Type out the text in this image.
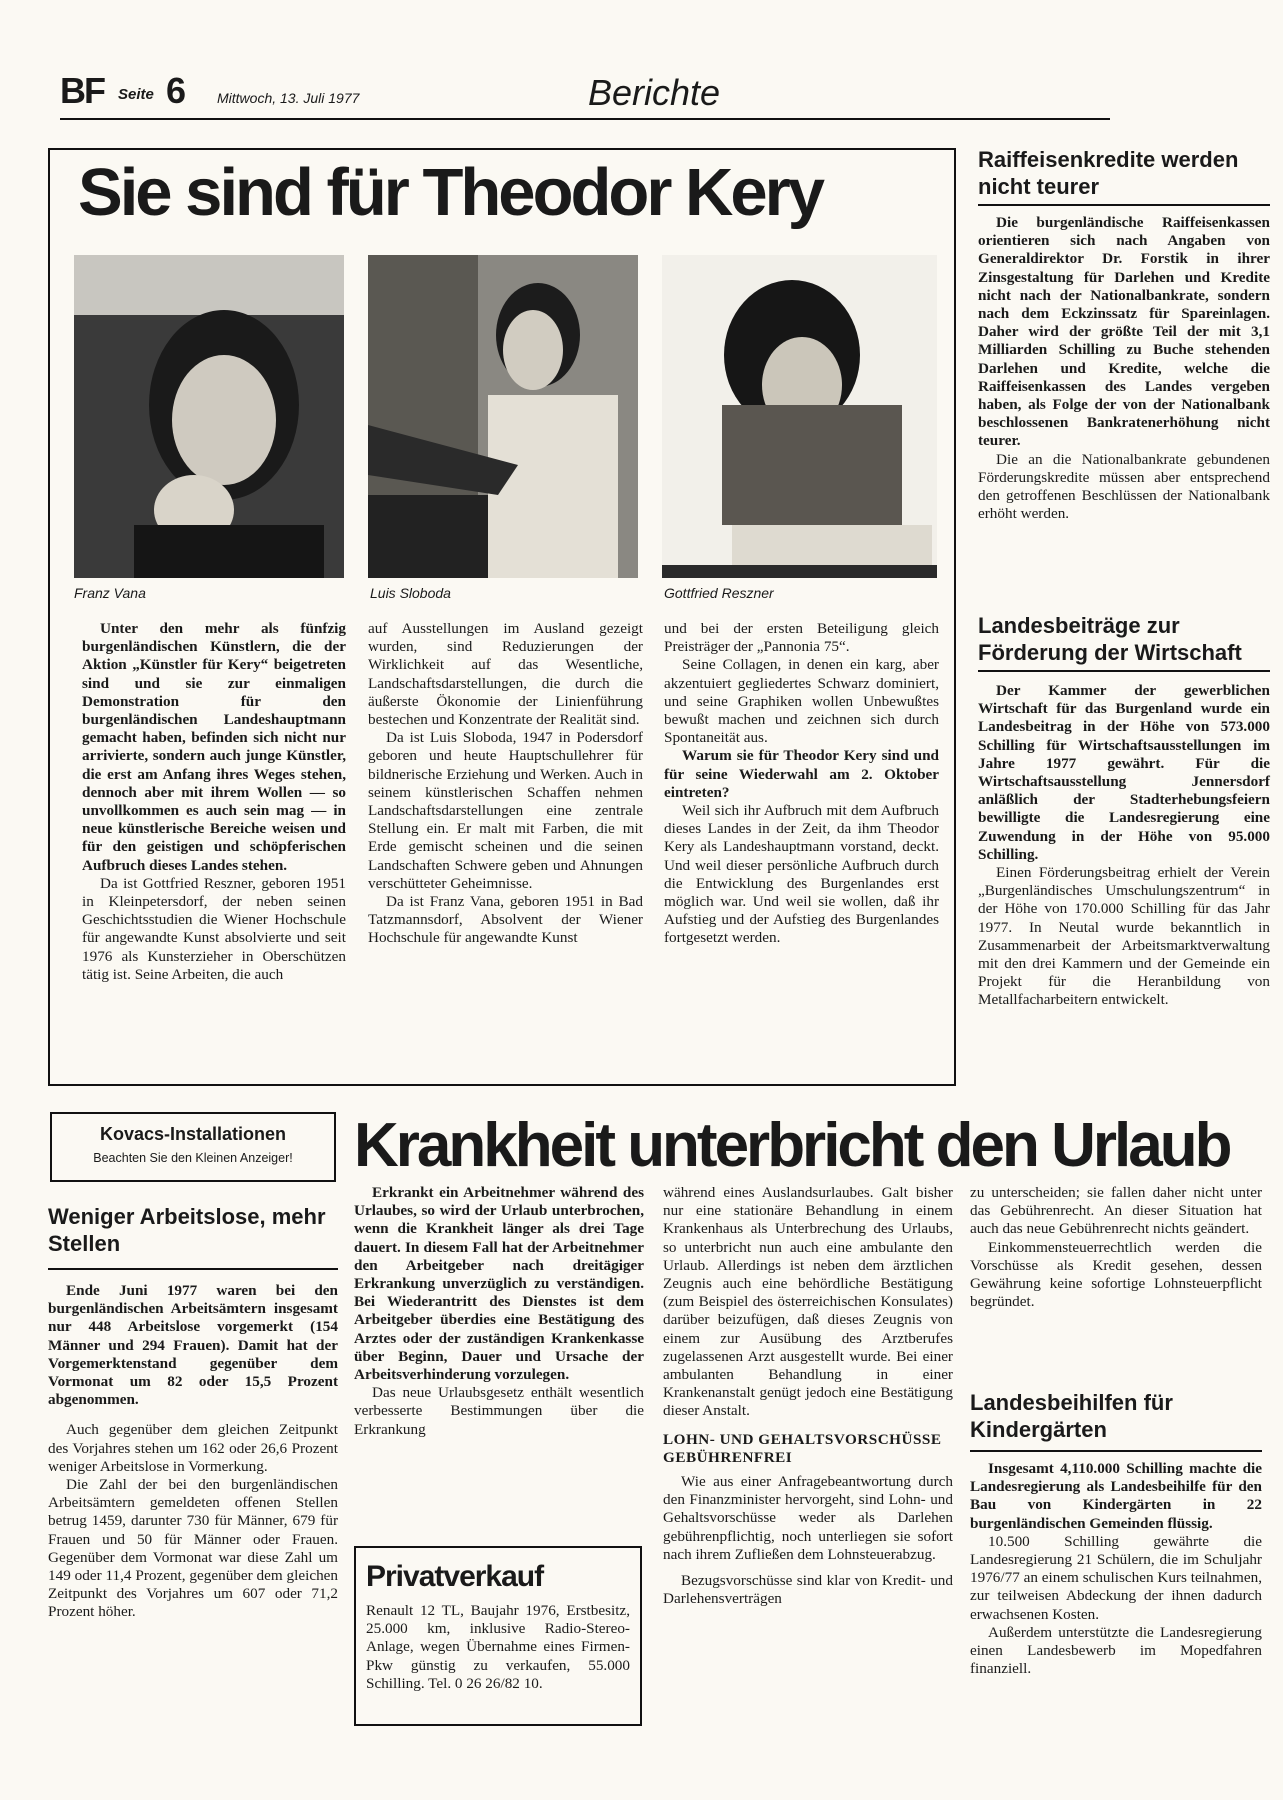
BF Seite 6 Mittwoch, 13. Juli 1977	Berichte
Sie sind für Theodor Kery
Franz Vana	Luis Sloboda	Gottfried Reszner

Unter den mehr als fünfzig burgenländischen Künstlern, die der Aktion „Künstler für Kery“ beigetreten sind und sie zur einmaligen Demonstration für den burgenländischen Landeshauptmann gemacht haben, befinden sich nicht nur arrivierte, sondern auch junge Künstler, die erst am Anfang ihres Weges stehen, dennoch aber mit ihrem Wollen — so unvollkommen es auch sein mag — in neue künstlerische Bereiche weisen und für den geistigen und schöpferischen Aufbruch dieses Landes stehen.

Da ist Gottfried Reszner, geboren 1951 in Kleinpetersdorf, der neben seinen Geschichtsstudien die Wiener Hochschule für angewandte Kunst absolvierte und seit 1976 als Kunsterzieher in Oberschützen tätig ist. Seine Arbeiten, die auch

auf Ausstellungen im Ausland gezeigt wurden, sind Reduzierungen der Wirklichkeit auf das Wesentliche, Landschaftsdarstellungen, die durch die äußerste Ökonomie der Linienführung bestechen und Konzentrate der Realität sind.

Da ist Luis Sloboda, 1947 in Podersdorf geboren und heute Hauptschullehrer für bildnerische Erziehung und Werken. Auch in seinem künstlerischen Schaffen nehmen Landschaftsdarstellungen eine zentrale Stellung ein. Er malt mit Farben, die mit Erde gemischt scheinen und die seinen Landschaften Schwere geben und Ahnungen verschütteter Geheimnisse.

Da ist Franz Vana, geboren 1951 in Bad Tatzmannsdorf, Absolvent der Wiener Hochschule für angewandte Kunst

und bei der ersten Beteiligung gleich Preisträger der „Pannonia 75“.

Seine Collagen, in denen ein karg, aber akzentuiert gegliedertes Schwarz dominiert, und seine Graphiken wollen Unbewußtes bewußt machen und zeichnen sich durch Spontaneität aus.

Warum sie für Theodor Kery sind und für seine Wiederwahl am 2. Oktober eintreten?

Weil sich ihr Aufbruch mit dem Aufbruch dieses Landes in der Zeit, da ihm Theodor Kery als Landeshauptmann vorstand, deckt. Und weil dieser persönliche Aufbruch durch die Entwicklung des Burgenlandes erst möglich war. Und weil sie wollen, daß ihr Aufstieg und der Aufstieg des Burgenlandes fortgesetzt werden.

Raiffeisenkredite werden nicht teurer

Die burgenländische Raiffeisenkassen orientieren sich nach Angaben von Generaldirektor Dr. Forstik in ihrer Zinsgestaltung für Darlehen und Kredite nicht nach der Nationalbankrate, sondern nach dem Eckzinssatz für Spareinlagen. Daher wird der größte Teil der mit 3,1 Milliarden Schilling zu Buche stehenden Darlehen und Kredite, welche die Raiffeisenkassen des Landes vergeben haben, als Folge der von der Nationalbank beschlossenen Bankratenerhöhung nicht teurer.

Die an die Nationalbankrate gebundenen Förderungskredite müssen aber entsprechend den getroffenen Beschlüssen der Nationalbank erhöht werden.

Landesbeiträge zur Förderung der Wirtschaft

Der Kammer der gewerblichen Wirtschaft für das Burgenland wurde ein Landesbeitrag in der Höhe von 573.000 Schilling für Wirtschaftsausstellungen im Jahre 1977 gewährt. Für die Wirtschaftsausstellung Jennersdorf anläßlich der Stadterhebungsfeiern bewilligte die Landesregierung eine Zuwendung in der Höhe von 95.000 Schilling.

Einen Förderungsbeitrag erhielt der Verein „Burgenländisches Umschulungszentrum“ in der Höhe von 170.000 Schilling für das Jahr 1977. In Neutal wurde bekanntlich in Zusammenarbeit der Arbeitsmarktverwaltung mit den drei Kammern und der Gemeinde ein Projekt für die Heranbildung von Metallfacharbeitern entwickelt.

Kovacs-Installationen
Beachten Sie den Kleinen Anzeiger! Krankheit unterbricht den Urlaub
Weniger Arbeitslose, mehr Stellen

Ende Juni 1977 waren bei den burgenländischen Arbeitsämtern insgesamt nur 448 Arbeitslose vorgemerkt (154 Männer und 294 Frauen). Damit hat der Vorgemerktenstand gegenüber dem Vormonat um 82 oder 15,5 Prozent abgenommen.

Auch gegenüber dem gleichen Zeitpunkt des Vorjahres stehen um 162 oder 26,6 Prozent weniger Arbeitslose in Vormerkung.

Die Zahl der bei den burgenländischen Arbeitsämtern gemeldeten offenen Stellen betrug 1459, darunter 730 für Männer, 679 für Frauen und 50 für Männer oder Frauen. Gegenüber dem Vormonat war diese Zahl um 149 oder 11,4 Prozent, gegenüber dem gleichen Zeitpunkt des Vorjahres um 607 oder 71,2 Prozent höher.

Erkrankt ein Arbeitnehmer während des Urlaubes, so wird der Urlaub unterbrochen, wenn die Krankheit länger als drei Tage dauert. In diesem Fall hat der Arbeitnehmer den Arbeitgeber nach dreitägiger Erkrankung unverzüglich zu verständigen. Bei Wiederantritt des Dienstes ist dem Arbeitgeber überdies eine Bestätigung des Arztes oder der zuständigen Krankenkasse über Beginn, Dauer und Ursache der Arbeitsverhinderung vorzulegen.

Das neue Urlaubsgesetz enthält wesentlich verbesserte Bestimmungen über die Erkrankung

während eines Auslandsurlaubes. Galt bisher nur eine stationäre Behandlung in einem Krankenhaus als Unterbrechung des Urlaubs, so unterbricht nun auch eine ambulante den Urlaub. Allerdings ist neben dem ärztlichen Zeugnis auch eine behördliche Bestätigung (zum Beispiel des österreichischen Konsulates) darüber beizufügen, daß dieses Zeugnis von einem zur Ausübung des Arztberufes zugelassenen Arzt ausgestellt wurde. Bei einer ambulanten Behandlung in einer Krankenanstalt genügt jedoch eine Bestätigung dieser Anstalt.

LOHN- UND GEHALTSVORSCHÜSSE GEBÜHRENFREI

Wie aus einer Anfragebeantwortung durch den Finanzminister hervorgeht, sind Lohn- und Gehaltsvorschüsse weder als Darlehen gebührenpflichtig, noch unterliegen sie sofort nach ihrem Zufließen dem Lohnsteuerabzug.

Bezugsvorschüsse sind klar von Kredit- und Darlehensverträgen

zu unterscheiden; sie fallen daher nicht unter das Gebührenrecht. An dieser Situation hat auch das neue Gebührenrecht nichts geändert.

Einkommensteuerrechtlich werden die Vorschüsse als Kredit gesehen, dessen Gewährung keine sofortige Lohnsteuerpflicht begründet.

Privatverkauf
Renault 12 TL, Baujahr 1976, Erstbesitz, 25.000 km, inklusive Radio-Stereo-Anlage, wegen Übernahme eines Firmen-Pkw günstig zu verkaufen, 55.000 Schilling. Tel. 0 26 26/82 10.
Landesbeihilfen für Kindergärten

Insgesamt 4,110.000 Schilling machte die Landesregierung als Landesbeihilfe für den Bau von Kindergärten in 22 burgenländischen Gemeinden flüssig.

10.500 Schilling gewährte die Landesregierung 21 Schülern, die im Schuljahr 1976/77 an einem schulischen Kurs teilnahmen, zur teilweisen Abdeckung der ihnen dadurch erwachsenen Kosten.

Außerdem unterstützte die Landesregierung einen Landesbewerb im Mopedfahren finanziell.
